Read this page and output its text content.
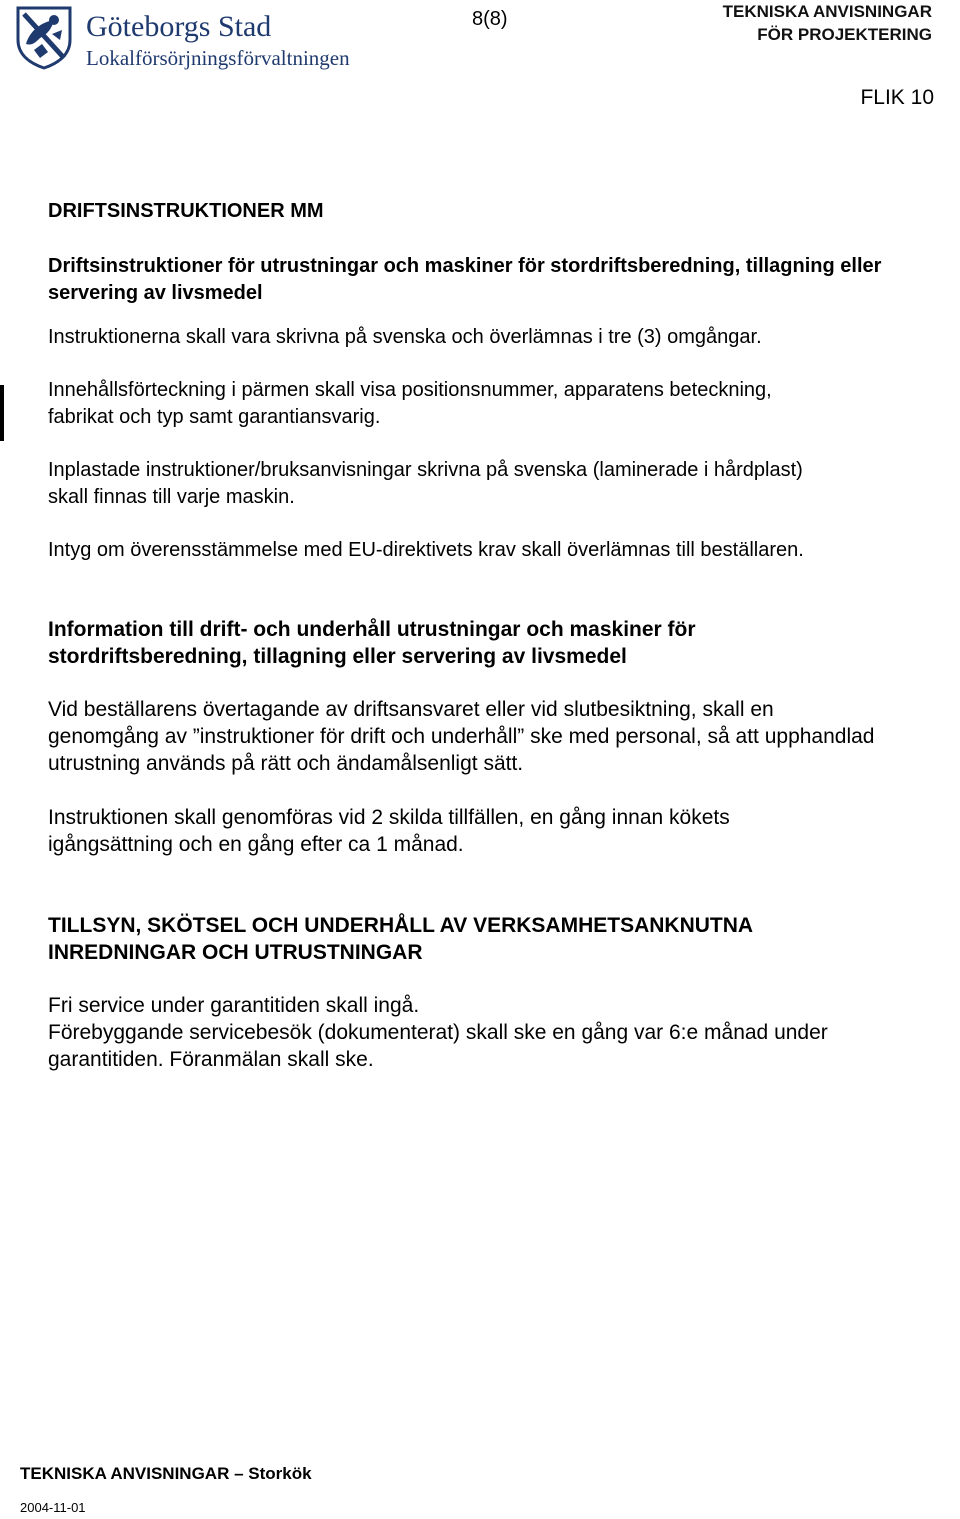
Göteborgs Stad
Lokalförsörjningsförvaltningen
8(8)	TEKNISKA ANVISNINGAR
FÖR PROJEKTERING
FLIK 10

DRIFTSINSTRUKTIONER MM

Driftsinstruktioner för utrustningar och maskiner för stordriftsberedning, tillagning eller servering av livsmedel

Instruktionerna skall vara skrivna på svenska och överlämnas i tre (3) omgångar.

Innehållsförteckning i pärmen skall visa positionsnummer, apparatens beteckning, fabrikat och typ samt garantiansvarig.

Inplastade instruktioner/bruksanvisningar skrivna på svenska (laminerade i hårdplast) skall finnas till varje maskin.

Intyg om överensstämmelse med EU-direktivets krav skall överlämnas till beställaren.

Information till drift- och underhåll utrustningar och maskiner för stordriftsberedning, tillagning eller servering av livsmedel

Vid beställarens övertagande av driftsansvaret eller vid slutbesiktning, skall en genomgång av ”instruktioner för drift och underhåll” ske med personal, så att upphandlad utrustning används på rätt och ändamålsenligt sätt.

Instruktionen skall genomföras vid 2 skilda tillfällen, en gång innan kökets igångsättning och en gång efter ca 1 månad.

TILLSYN, SKÖTSEL OCH UNDERHÅLL AV VERKSAMHETSANKNUTNA INREDNINGAR OCH UTRUSTNINGAR

Fri service under garantitiden skall ingå.

Förebyggande servicebesök (dokumenterat) skall ske en gång var 6:e månad under garantitiden. Föranmälan skall ske.

TEKNISKA ANVISNINGAR – Storkök
2004-11-01
